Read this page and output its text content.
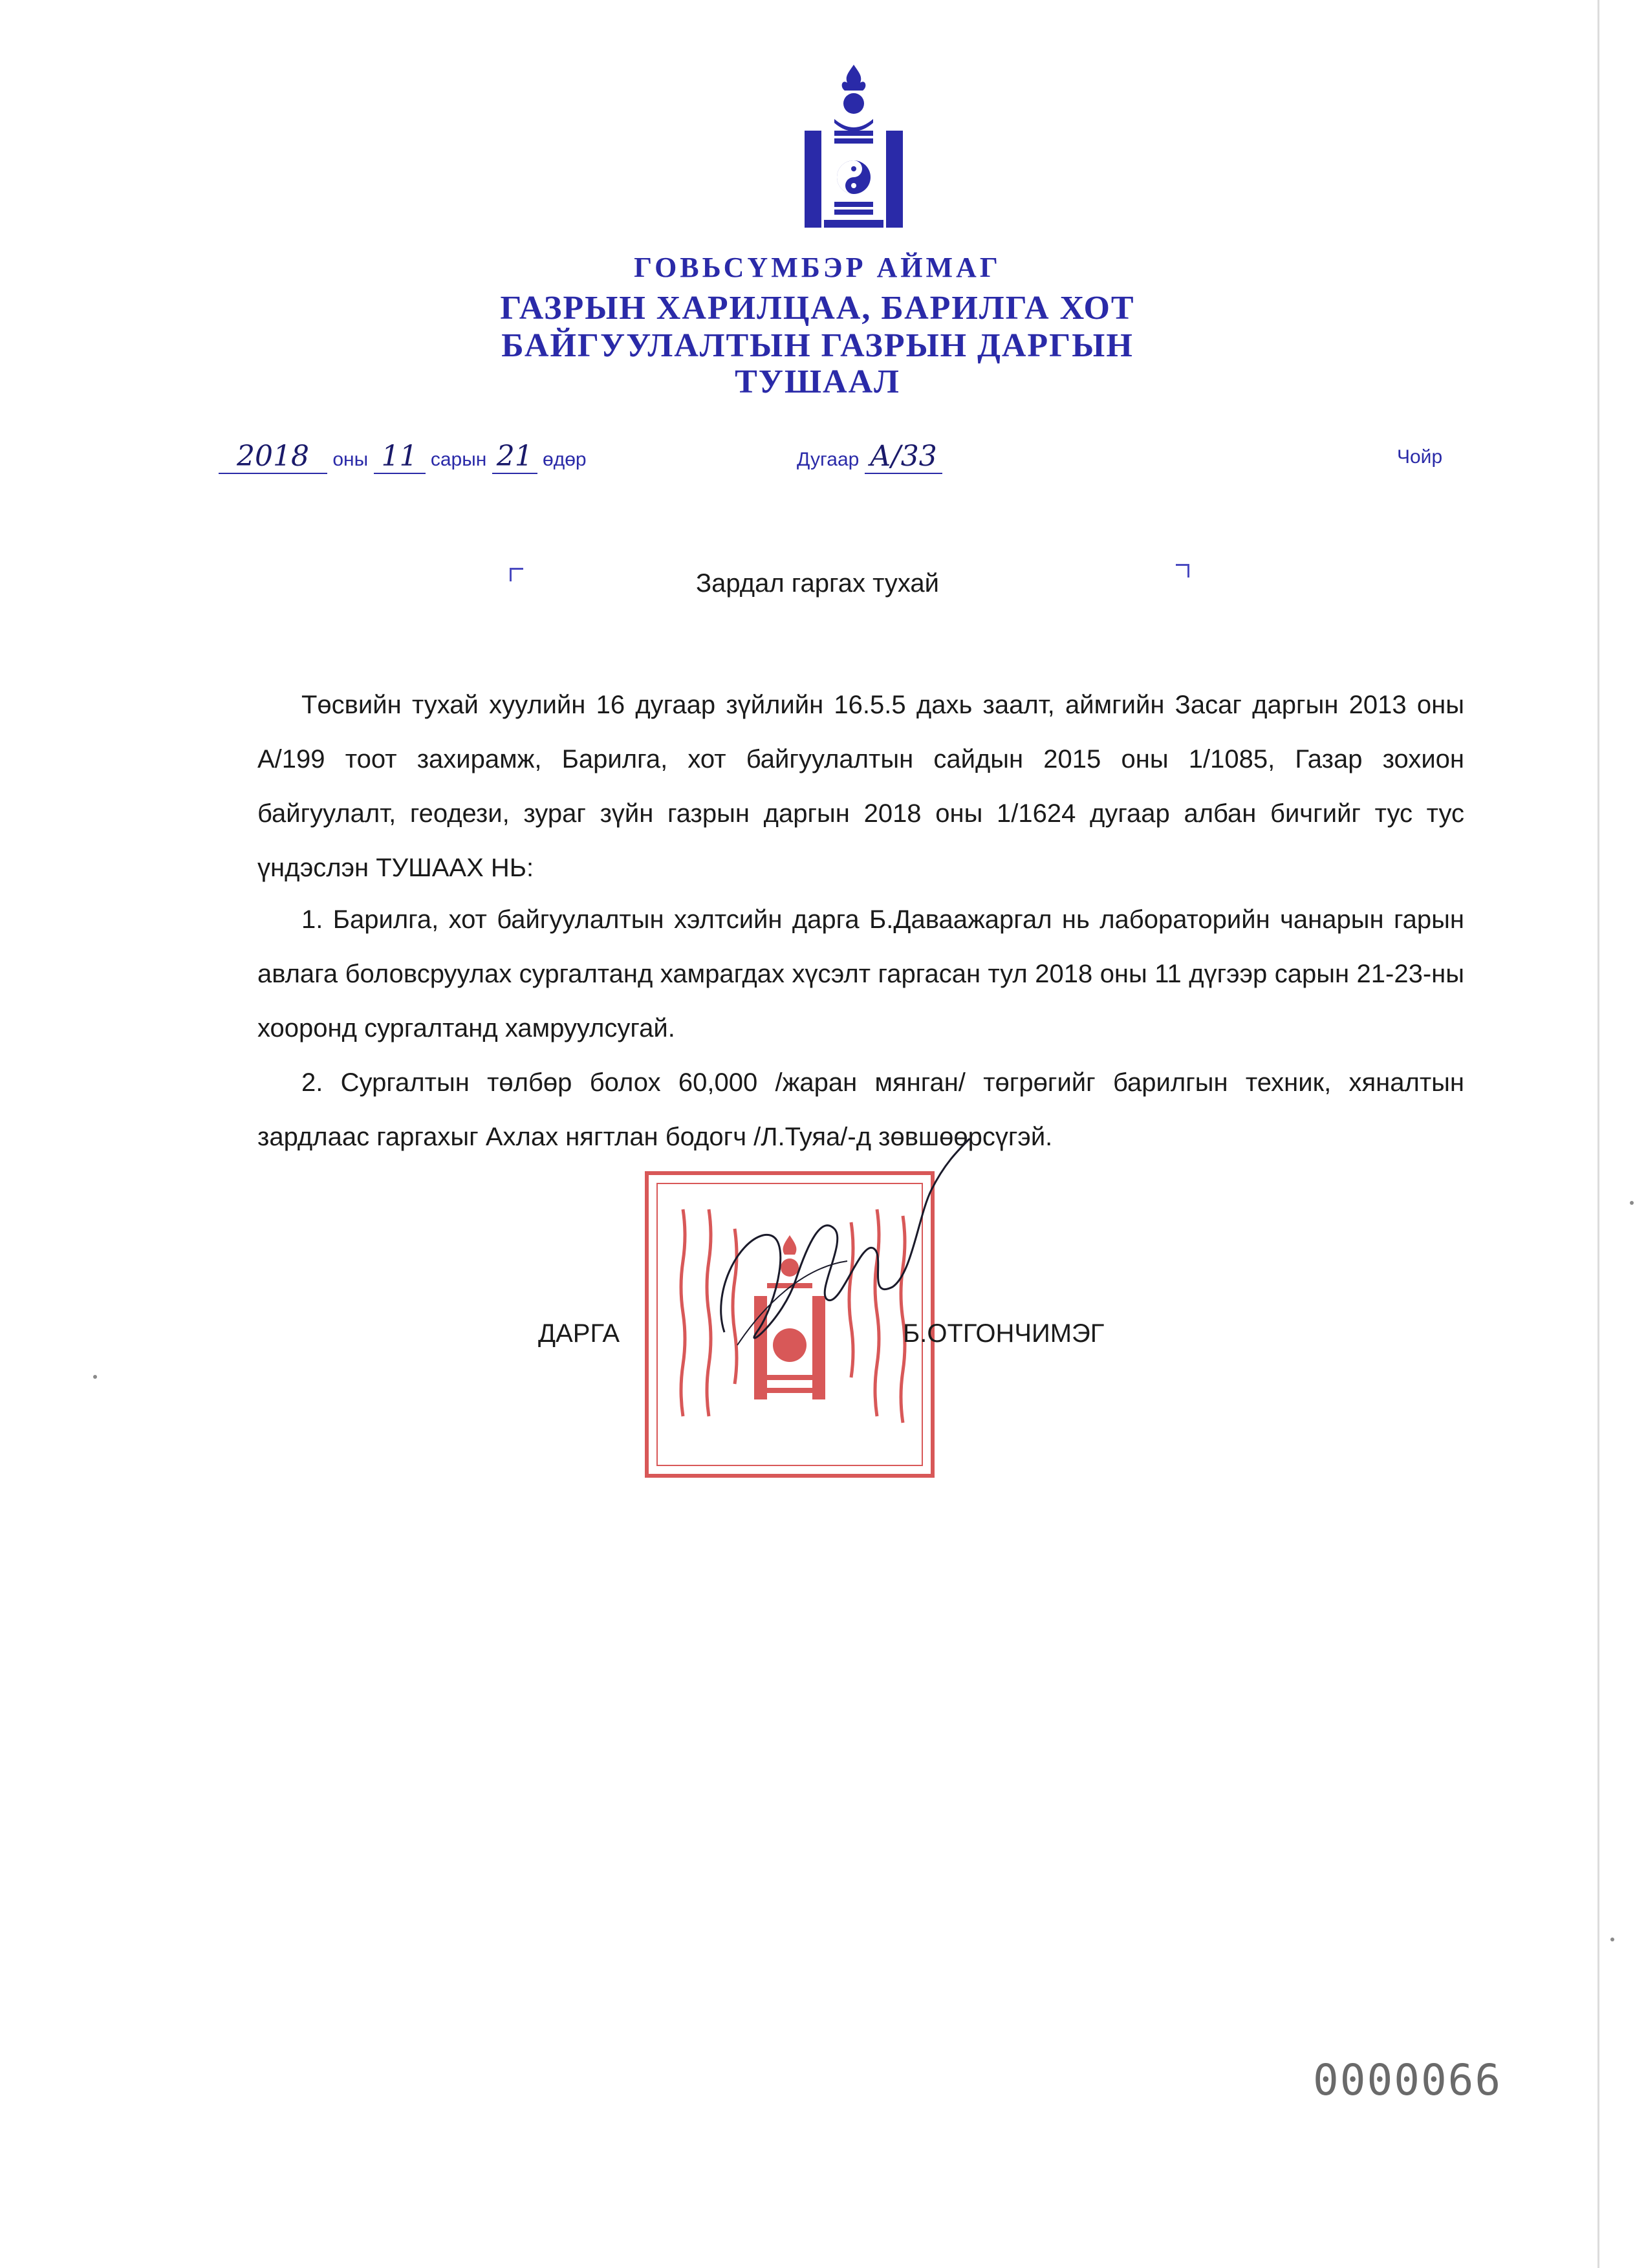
ГОВЬСҮМБЭР АЙМАГ
ГАЗРЫН ХАРИЛЦАА, БАРИЛГА ХОТ
БАЙГУУЛАЛТЫН ГАЗРЫН ДАРГЫН
ТУШААЛ
2018 оны 11 сарын 21 өдөр	Дугаар А/33	Чойр
Зардал гаргах тухай
Төсвийн тухай хуулийн 16 дугаар зүйлийн 16.5.5 дахь заалт, аймгийн Засаг даргын 2013 оны А/199 тоот захирамж, Барилга, хот байгуулалтын сайдын 2015 оны 1/1085, Газар зохион байгуулалт, геодези, зураг зүйн газрын даргын 2018 оны 1/1624 дугаар албан бичгийг тус тус үндэслэн ТУШААХ НЬ:
1. Барилга, хот байгуулалтын хэлтсийн дарга Б.Даваажаргал нь лабораторийн чанарын гарын авлага боловсруулах сургалтанд хамрагдах хүсэлт гаргасан тул 2018 оны 11 дүгээр сарын 21-23-ны хооронд сургалтанд хамруулсугай.
2. Сургалтын төлбөр болох 60,000 /жаран мянган/ төгрөгийг барилгын техник, хяналтын зардлаас гаргахыг Ахлах нягтлан бодогч /Л.Туяа/-д зөвшөөрсүгэй.
ДАРГА	Б.ОТГОНЧИМЭГ
0000066
